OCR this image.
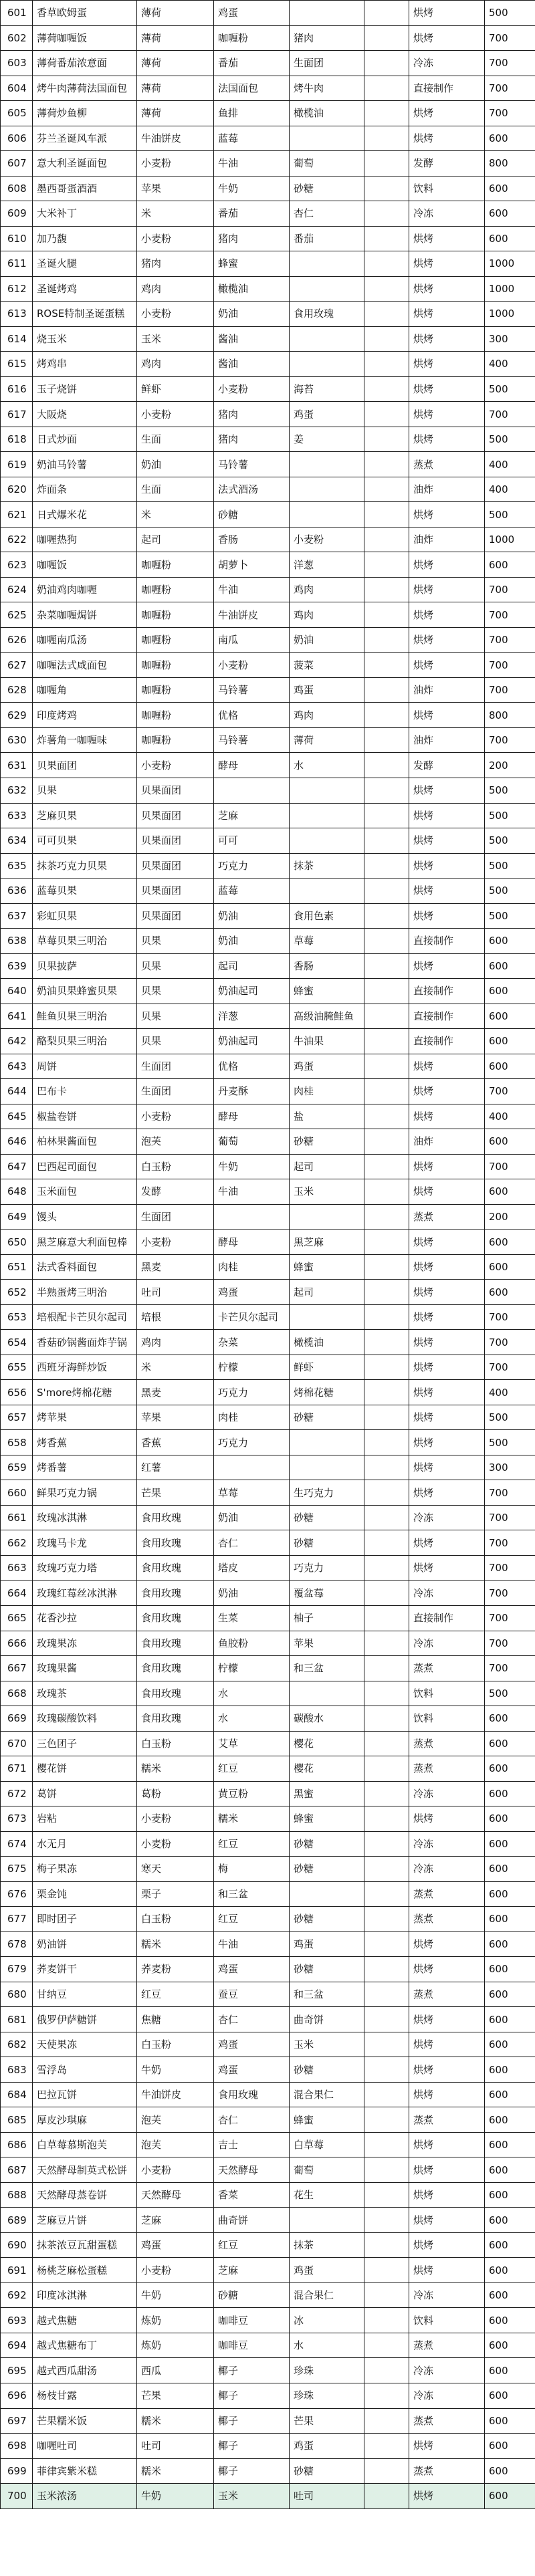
601	香草欧姆蛋	薄荷	鸡蛋			烘烤	500
602	薄荷咖喱饭	薄荷	咖喱粉	猪肉		烘烤	700
603	薄荷番茄浓意面	薄荷	番茄	生面团		冷冻	700
604	烤牛肉薄荷法国面包	薄荷	法国面包	烤牛肉		直接制作	700
605	薄荷炒鱼柳	薄荷	鱼排	橄榄油		烘烤	700
606	芬兰圣诞风车派	牛油饼皮	蓝莓			烘烤	600
607	意大利圣诞面包	小麦粉	牛油	葡萄		发酵	800
608	墨西哥蛋酒酒	苹果	牛奶	砂糖		饮料	600
609	大米补丁	米	番茄	杏仁		冷冻	600
610	加乃馥	小麦粉	猪肉	番茄		烘烤	600
611	圣诞火腿	猪肉	蜂蜜			烘烤	1000
612	圣诞烤鸡	鸡肉	橄榄油			烘烤	1000
613	ROSE特制圣诞蛋糕	小麦粉	奶油	食用玫瑰		烘烤	1000
614	烧玉米	玉米	酱油			烘烤	300
615	烤鸡串	鸡肉	酱油			烘烤	400
616	玉子烧饼	鲜虾	小麦粉	海苔		烘烤	500
617	大阪烧	小麦粉	猪肉	鸡蛋		烘烤	700
618	日式炒面	生面	猪肉	姜		烘烤	500
619	奶油马铃薯	奶油	马铃薯			蒸煮	400
620	炸面条	生面	法式酒汤			油炸	400
621	日式爆米花	米	砂糖			烘烤	500
622	咖喱热狗	起司	香肠	小麦粉		油炸	1000
623	咖喱饭	咖喱粉	胡萝卜	洋葱		烘烤	600
624	奶油鸡肉咖喱	咖喱粉	牛油	鸡肉		烘烤	700
625	杂菜咖喱焗饼	咖喱粉	牛油饼皮	鸡肉		烘烤	700
626	咖喱南瓜汤	咖喱粉	南瓜	奶油		烘烤	700
627	咖喱法式咸面包	咖喱粉	小麦粉	菠菜		烘烤	700
628	咖喱角	咖喱粉	马铃薯	鸡蛋		油炸	700
629	印度烤鸡	咖喱粉	优格	鸡肉		烘烤	800
630	炸薯角一咖喱味	咖喱粉	马铃薯	薄荷		油炸	700
631	贝果面团	小麦粉	酵母	水		发酵	200
632	贝果	贝果面团				烘烤	500
633	芝麻贝果	贝果面团	芝麻			烘烤	500
634	可可贝果	贝果面团	可可			烘烤	500
635	抹茶巧克力贝果	贝果面团	巧克力	抹茶		烘烤	500
636	蓝莓贝果	贝果面团	蓝莓			烘烤	500
637	彩虹贝果	贝果面团	奶油	食用色素		烘烤	500
638	草莓贝果三明治	贝果	奶油	草莓		直接制作	600
639	贝果披萨	贝果	起司	香肠		烘烤	600
640	奶油贝果蜂蜜贝果	贝果	奶油起司	蜂蜜		直接制作	600
641	鲑鱼贝果三明治	贝果	洋葱	高级油腌鲑鱼		直接制作	600
642	酪梨贝果三明治	贝果	奶油起司	牛油果		直接制作	600
643	周饼	生面团	优格	鸡蛋		烘烤	600
644	巴布卡	生面团	丹麦酥	肉桂		烘烤	700
645	椒盐卷饼	小麦粉	酵母	盐		烘烤	400
646	柏林果酱面包	泡芙	葡萄	砂糖		油炸	600
647	巴西起司面包	白玉粉	牛奶	起司		烘烤	700
648	玉米面包	发酵	牛油	玉米		烘烤	600
649	馒头	生面团				蒸煮	200
650	黑芝麻意大利面包棒	小麦粉	酵母	黑芝麻		烘烤	600
651	法式香料面包	黑麦	肉桂	蜂蜜		烘烤	600
652	半熟蛋烤三明治	吐司	鸡蛋	起司		烘烤	600
653	培根配卡芒贝尔起司	培根	卡芒贝尔起司			烘烤	700
654	香菇砂锅酱面炸芋锅	鸡肉	杂菜	橄榄油		烘烤	700
655	西班牙海鲜炒饭	米	柠檬	鲜虾		烘烤	700
656	S'more烤棉花糖	黑麦	巧克力	烤棉花糖		烘烤	400
657	烤苹果	苹果	肉桂	砂糖		烘烤	500
658	烤香蕉	香蕉	巧克力			烘烤	500
659	烤番薯	红薯				烘烤	300
660	鲜果巧克力锅	芒果	草莓	生巧克力		烘烤	700
661	玫瑰冰淇淋	食用玫瑰	奶油	砂糖		冷冻	700
662	玫瑰马卡龙	食用玫瑰	杏仁	砂糖		烘烤	700
663	玫瑰巧克力塔	食用玫瑰	塔皮	巧克力		烘烤	700
664	玫瑰红莓丝冰淇淋	食用玫瑰	奶油	覆盆莓		冷冻	700
665	花香沙拉	食用玫瑰	生菜	柚子		直接制作	700
666	玫瑰果冻	食用玫瑰	鱼胶粉	苹果		冷冻	700
667	玫瑰果酱	食用玫瑰	柠檬	和三盆		蒸煮	700
668	玫瑰茶	食用玫瑰	水			饮料	500
669	玫瑰碳酸饮料	食用玫瑰	水	碳酸水		饮料	600
670	三色团子	白玉粉	艾草	樱花		蒸煮	600
671	樱花饼	糯米	红豆	樱花		蒸煮	600
672	葛饼	葛粉	黄豆粉	黑蜜		冷冻	600
673	岩粘	小麦粉	糯米	蜂蜜		烘烤	600
674	水无月	小麦粉	红豆	砂糖		冷冻	600
675	梅子果冻	寒天	梅	砂糖		冷冻	600
676	栗金饨	栗子	和三盆			蒸煮	600
677	即时团子	白玉粉	红豆	砂糖		蒸煮	600
678	奶油饼	糯米	牛油	鸡蛋		烘烤	600
679	荞麦饼干	荞麦粉	鸡蛋	砂糖		烘烤	600
680	甘纳豆	红豆	蚕豆	和三盆		蒸煮	600
681	俄罗伊萨糖饼	焦糖	杏仁	曲奇饼		烘烤	600
682	天使果冻	白玉粉	鸡蛋	玉米		烘烤	600
683	雪浮岛	牛奶	鸡蛋	砂糖		烘烤	600
684	巴拉瓦饼	牛油饼皮	食用玫瑰	混合果仁		烘烤	600
685	厚皮沙琪麻	泡芙	杏仁	蜂蜜		蒸煮	600
686	白草莓慕斯泡芙	泡芙	吉士	白草莓		烘烤	600
687	天然酵母制英式松饼	小麦粉	天然酵母	葡萄		烘烤	600
688	天然酵母蒸卷饼	天然酵母	香菜	花生		烘烤	600
689	芝麻豆片饼	芝麻	曲奇饼			烘烤	600
690	抹茶浓豆瓦甜蛋糕	鸡蛋	红豆	抹茶		烘烤	600
691	杨桃芝麻松蛋糕	小麦粉	芝麻	鸡蛋		烘烤	600
692	印度冰淇淋	牛奶	砂糖	混合果仁		冷冻	600
693	越式焦糖	炼奶	咖啡豆	冰		饮料	600
694	越式焦糖布丁	炼奶	咖啡豆	水		蒸煮	600
695	越式西瓜甜汤	西瓜	椰子	珍珠		冷冻	600
696	杨枝甘露	芒果	椰子	珍珠		冷冻	600
697	芒果糯米饭	糯米	椰子	芒果		蒸煮	600
698	咖喱吐司	吐司	椰子	鸡蛋		烘烤	600
699	菲律宾紫米糕	糯米	椰子	砂糖		蒸煮	600
700	玉米浓汤	牛奶	玉米	吐司		烘烤	600
